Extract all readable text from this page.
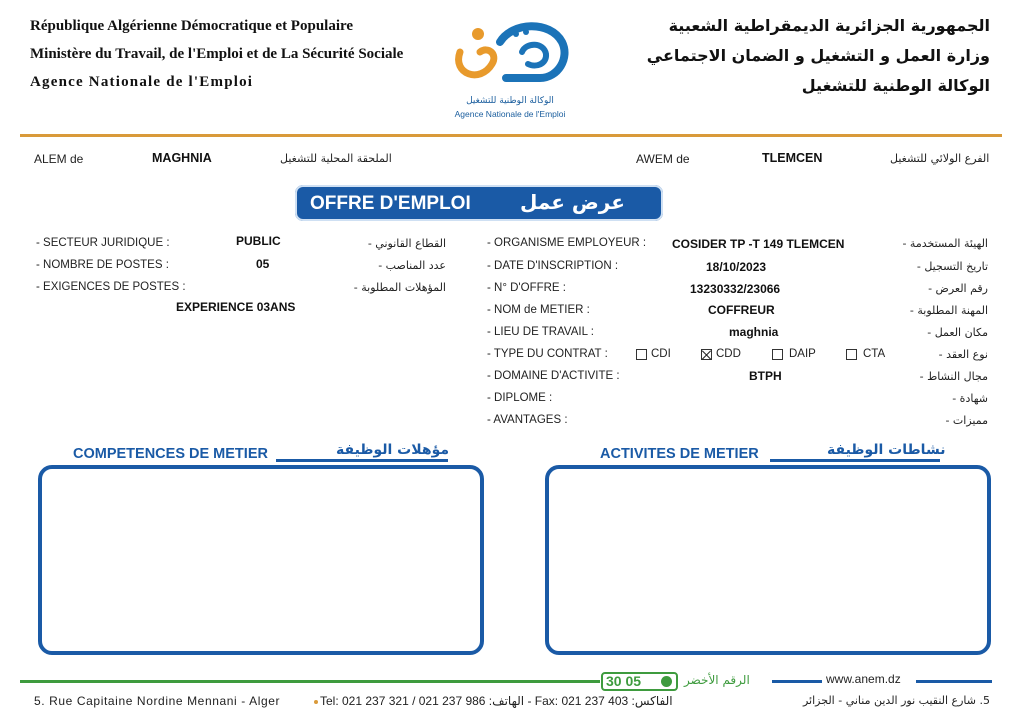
République Algérienne Démocratique et Populaire
Ministère du Travail, de l'Emploi et de La Sécurité Sociale
Agence Nationale de l'Emploi
الجمهورية الجزائرية الديمقراطية الشعبية
وزارة العمل و التشغيل و الضمان الاجتماعي
الوكالة الوطنية للتشغيل
الوكالة الوطنية للتشغيل
Agence Nationale de l'Emploi
ALEM de	MAGHNIA	الملحقة المحلية للتشغيل	AWEM de	TLEMCEN	الفرع الولائي للتشغيل
OFFRE D'EMPLOI عرض عمل
- SECTEUR JURIDIQUE :	PUBLIC	القطاع القانوني -
- NOMBRE DE POSTES :	05	عدد المناصب -
- EXIGENCES DE POSTES :	المؤهلات المطلوبة -
EXPERIENCE 03ANS
- ORGANISME EMPLOYEUR : COSIDER TP -T 149 TLEMCEN	الهيئة المستخدمة -
- DATE D'INSCRIPTION :	18/10/2023	تاريخ التسجيل -
- N° D'OFFRE :	13230332/23066	رقم العرض -
- NOM de METIER :	COFFREUR	المهنة المطلوبة -
- LIEU DE TRAVAIL :	maghnia	مكان العمل -
- TYPE DU CONTRAT :	نوع العقد -
CDI	CDD	DAIP	CTA
- DOMAINE D'ACTIVITE :	BTPH	مجال النشاط -
- DIPLOME :	شهادة -
- AVANTAGES :	مميزات -
COMPETENCES DE METIER	مؤهلات الوظيفة	ACTIVITES DE METIER	نشاطات الوظيفة
30 05	الرقم الأخضر	www.anem.dz
5. Rue Capitaine Nordine Mennani - Alger	Tel: 021 237 321 / 021 237 986 :الهاتف - Fax: 021 237 403 :الفاكس	5. شارع النقيب نور الدين مناني - الجزائر
